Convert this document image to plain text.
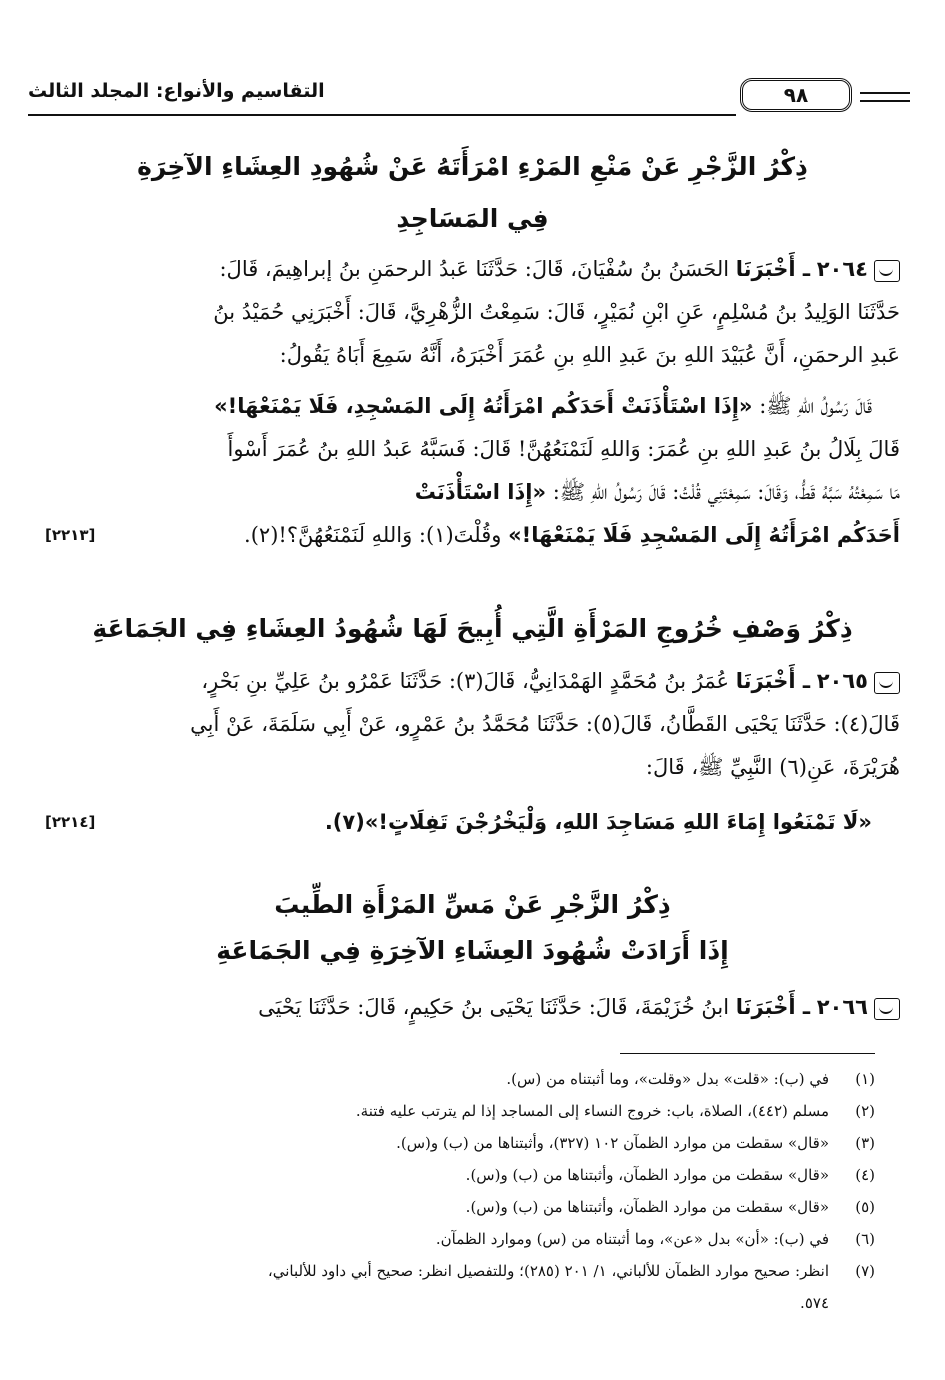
التقاسيم والأنواع: المجلد الثالث	٩٨
ذِكْرُ الزَّجْرِ عَنْ مَنْعِ المَرْءِ امْرَأَتَهُ عَنْ شُهُودِ العِشَاءِ الآخِرَةِ
فِي المَسَاجِدِ
٢٠٦٤ ـ أَخْبَرَنَا الحَسَنُ بنُ سُفْيَانَ، قَالَ: حَدَّثَنَا عَبدُ الرحمَنِ بنُ إبراهِيمَ، قَالَ:
حَدَّثَنَا الوَلِيدُ بنُ مُسْلِمٍ، عَنِ ابْنِ نُمَيْرٍ، قَالَ: سَمِعْتُ الزُّهْرِيَّ، قَالَ: أَخْبَرَنِي حُمَيْدُ بنُ
عَبدِ الرحمَنِ، أَنَّ عُبَيْدَ اللهِ بنَ عَبدِ اللهِ بنِ عُمَرَ أَخْبَرَهُ، أَنَّهُ سَمِعَ أَبَاهُ يَقُولُ:
قَالَ رَسُولُ اللهِ ﷺ: «إِذَا اسْتَأْذَنَتْ أَحَدَكُم امْرَأَتُهُ إِلَى المَسْجِدِ، فَلَا يَمْنَعْهَا!»
قَالَ بِلَالُ بنُ عَبدِ اللهِ بنِ عُمَرَ: وَاللهِ لَنَمْنَعُهُنَّ! قَالَ: فَسَبَّهُ عَبدُ اللهِ بنُ عُمَرَ أَسْوأَ
مَا سَمِعْتُهُ سَبَّهُ قَطُّ، وَقَالَ: سَمِعْتَنِي قُلْتُ: قَالَ رَسُولُ اللهِ ﷺ: «إِذَا اسْتَأْذَنَتْ
أَحَدَكُم امْرَأَتُهُ إِلَى المَسْجِدِ فَلَا يَمْنَعْهَا!» وقُلْتَ(١): وَاللهِ لَنَمْنَعُهُنَّ؟!(٢).
[٢٢١٣]
ذِكْرُ وَصْفِ خُرُوجِ المَرْأَةِ الَّتِي أُبِيحَ لَهَا شُهُودُ العِشَاءِ فِي الجَمَاعَةِ
٢٠٦٥ ـ أَخْبَرَنَا عُمَرُ بنُ مُحَمَّدٍ الهَمْدَانِيُّ، قَالَ(٣): حَدَّثَنَا عَمْرُو بنُ عَلِيِّ بنِ بَحْرٍ،
قَالَ(٤): حَدَّثَنَا يَحْيَى القَطَّانُ، قَالَ(٥): حَدَّثَنَا مُحَمَّدُ بنُ عَمْرٍو، عَنْ أَبِي سَلَمَةَ، عَنْ أَبِي
هُرَيْرَةَ، عَنِ(٦) النَّبِيِّ ﷺ، قَالَ:
«لَا تَمْنَعُوا إِمَاءَ اللهِ مَسَاجِدَ اللهِ، وَلْيَخْرُجْنَ تَفِلَاتٍ!»(٧).
[٢٢١٤]
ذِكْرُ الزَّجْرِ عَنْ مَسِّ المَرْأَةِ الطِّيبَ
إِذَا أَرَادَتْ شُهُودَ العِشَاءِ الآخِرَةِ فِي الجَمَاعَةِ
٢٠٦٦ ـ أَخْبَرَنَا ابنُ خُزَيْمَةَ، قَالَ: حَدَّثَنَا يَحْيَى بنُ حَكِيمٍ، قَالَ: حَدَّثَنَا يَحْيَى
(١)
في (ب): «قلت» بدل «وقلت»، وما أثبتناه من (س).
(٢)
مسلم (٤٤٢)، الصلاة، باب: خروج النساء إلى المساجد إذا لم يترتب عليه فتنة.
(٣)
«قال» سقطت من موارد الظمآن ١٠٢ (٣٢٧)، وأثبتناها من (ب) و(س).
(٤)
«قال» سقطت من موارد الظمآن، وأثبتناها من (ب) و(س).
(٥)
«قال» سقطت من موارد الظمآن، وأثبتناها من (ب) و(س).
(٦)
في (ب): «أن» بدل «عن»، وما أثبتناه من (س) وموارد الظمآن.
(٧)
انظر: صحيح موارد الظمآن للألباني، ١/ ٢٠١ (٢٨٥)؛ وللتفصيل انظر: صحيح أبي داود للألباني،
٥٧٤.
